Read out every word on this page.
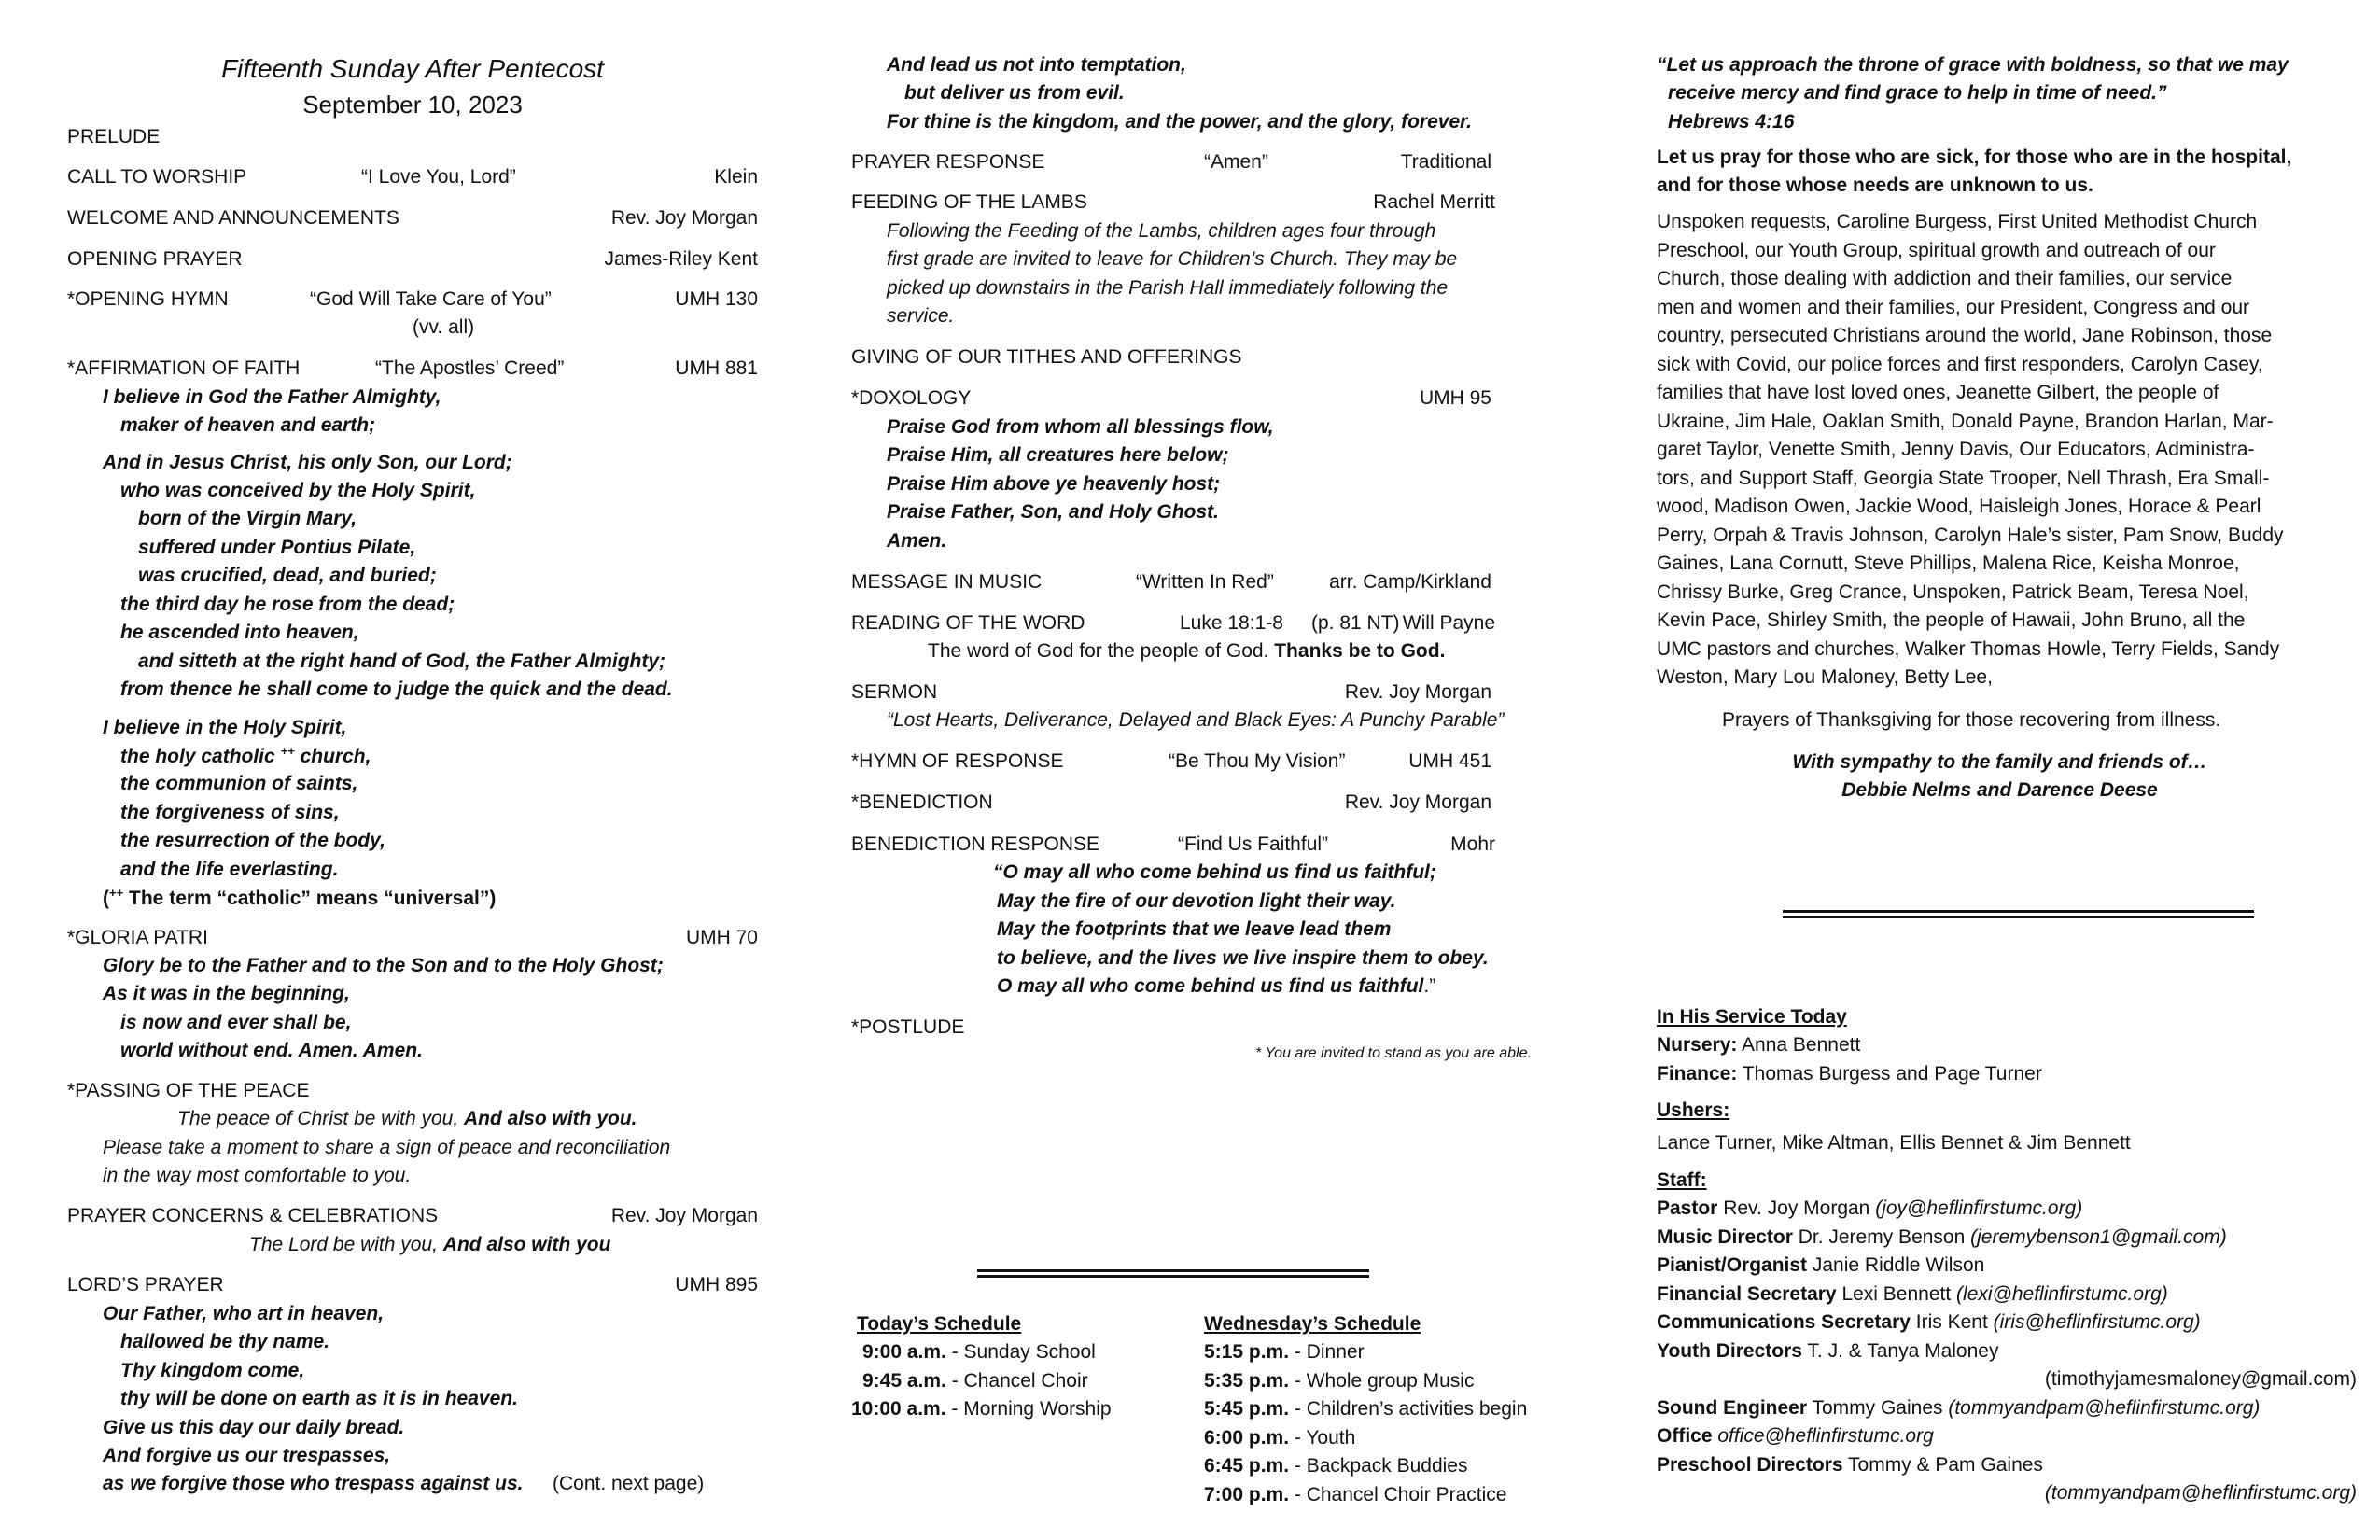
Fifteenth Sunday After Pentecost
September 10, 2023
PRELUDE
CALL TO WORSHIP	“I Love You, Lord”	Klein
WELCOME AND ANNOUNCEMENTS	Rev. Joy Morgan
OPENING PRAYER	James-Riley Kent
*OPENING HYMN	“God Will Take Care of You”	UMH 130
(vv. all)
*AFFIRMATION OF FAITH	“The Apostles’ Creed”	UMH 881
I believe in God the Father Almighty,
maker of heaven and earth;
And in Jesus Christ, his only Son, our Lord;
who was conceived by the Holy Spirit,
born of the Virgin Mary,
suffered under Pontius Pilate,
was crucified, dead, and buried;
the third day he rose from the dead;
he ascended into heaven,
and sitteth at the right hand of God, the Father Almighty;
from thence he shall come to judge the quick and the dead.
I believe in the Holy Spirit,
the holy catholic ++ church,
the communion of saints,
the forgiveness of sins,
the resurrection of the body,
and the life everlasting.
(++ The term “catholic” means “universal”)
*GLORIA PATRI	UMH 70
Glory be to the Father and to the Son and to the Holy Ghost;
As it was in the beginning,
is now and ever shall be,
world without end. Amen. Amen.
*PASSING OF THE PEACE
The peace of Christ be with you, And also with you.
Please take a moment to share a sign of peace and reconciliation
in the way most comfortable to you.
PRAYER CONCERNS & CELEBRATIONS	Rev. Joy Morgan
The Lord be with you, And also with you
LORD’S PRAYER	UMH 895
Our Father, who art in heaven,
hallowed be thy name.
Thy kingdom come,
thy will be done on earth as it is in heaven.
Give us this day our daily bread.
And forgive us our trespasses,
as we forgive those who trespass against us. (Cont. next page)
And lead us not into temptation,
but deliver us from evil.
For thine is the kingdom, and the power, and the glory, forever.
PRAYER RESPONSE	“Amen”	Traditional
FEEDING OF THE LAMBS	Rachel Merritt
Following the Feeding of the Lambs, children ages four through
first grade are invited to leave for Children’s Church. They may be
picked up downstairs in the Parish Hall immediately following the
service.
GIVING OF OUR TITHES AND OFFERINGS
*DOXOLOGY	UMH 95
Praise God from whom all blessings flow,
Praise Him, all creatures here below;
Praise Him above ye heavenly host;
Praise Father, Son, and Holy Ghost.
Amen.
MESSAGE IN MUSIC	“Written In Red”	arr. Camp/Kirkland
READING OF THE WORD	Luke 18:1-8 (p. 81 NT) Will Payne
The word of God for the people of God. Thanks be to God.
SERMON	Rev. Joy Morgan
“Lost Hearts, Deliverance, Delayed and Black Eyes: A Punchy Parable”
*HYMN OF RESPONSE	“Be Thou My Vision”	UMH 451
*BENEDICTION	Rev. Joy Morgan
BENEDICTION RESPONSE	“Find Us Faithful”	Mohr
“O may all who come behind us find us faithful;
May the fire of our devotion light their way.
May the footprints that we leave lead them
to believe, and the lives we live inspire them to obey.
O may all who come behind us find us faithful.”
*POSTLUDE
* You are invited to stand as you are able.
Today’s Schedule
9:00 a.m. - Sunday School
9:45 a.m. - Chancel Choir
10:00 a.m. - Morning Worship
Wednesday’s Schedule
5:15 p.m. - Dinner
5:35 p.m. - Whole group Music
5:45 p.m. - Children’s activities begin
6:00 p.m. - Youth
6:45 p.m. - Backpack Buddies
7:00 p.m. - Chancel Choir Practice
“Let us approach the throne of grace with boldness, so that we may
receive mercy and find grace to help in time of need.”
Hebrews 4:16
Let us pray for those who are sick, for those who are in the hospital,
and for those whose needs are unknown to us.
Unspoken requests, Caroline Burgess, First United Methodist Church
Preschool, our Youth Group, spiritual growth and outreach of our
Church, those dealing with addiction and their families, our service
men and women and their families, our President, Congress and our
country, persecuted Christians around the world, Jane Robinson, those
sick with Covid, our police forces and first responders, Carolyn Casey,
families that have lost loved ones, Jeanette Gilbert, the people of
Ukraine, Jim Hale, Oaklan Smith, Donald Payne, Brandon Harlan, Mar-
garet Taylor, Venette Smith, Jenny Davis, Our Educators, Administra-
tors, and Support Staff, Georgia State Trooper, Nell Thrash, Era Small-
wood, Madison Owen, Jackie Wood, Haisleigh Jones, Horace & Pearl
Perry, Orpah & Travis Johnson, Carolyn Hale’s sister, Pam Snow, Buddy
Gaines, Lana Cornutt, Steve Phillips, Malena Rice, Keisha Monroe,
Chrissy Burke, Greg Crance, Unspoken, Patrick Beam, Teresa Noel,
Kevin Pace, Shirley Smith, the people of Hawaii, John Bruno, all the
UMC pastors and churches, Walker Thomas Howle, Terry Fields, Sandy
Weston, Mary Lou Maloney, Betty Lee,
Prayers of Thanksgiving for those recovering from illness.
With sympathy to the family and friends of…
Debbie Nelms and Darence Deese
In His Service Today
Nursery: Anna Bennett
Finance: Thomas Burgess and Page Turner
Ushers:
Lance Turner, Mike Altman, Ellis Bennet & Jim Bennett
Staff:
Pastor Rev. Joy Morgan (joy@heflinfirstumc.org)
Music Director Dr. Jeremy Benson (jeremybenson1@gmail.com)
Pianist/Organist Janie Riddle Wilson
Financial Secretary Lexi Bennett (lexi@heflinfirstumc.org)
Communications Secretary Iris Kent (iris@heflinfirstumc.org)
Youth Directors T. J. & Tanya Maloney
(timothyjamesmaloney@gmail.com)
Sound Engineer Tommy Gaines (tommyandpam@heflinfirstumc.org)
Office office@heflinfirstumc.org
Preschool Directors Tommy & Pam Gaines
(tommyandpam@heflinfirstumc.org)
